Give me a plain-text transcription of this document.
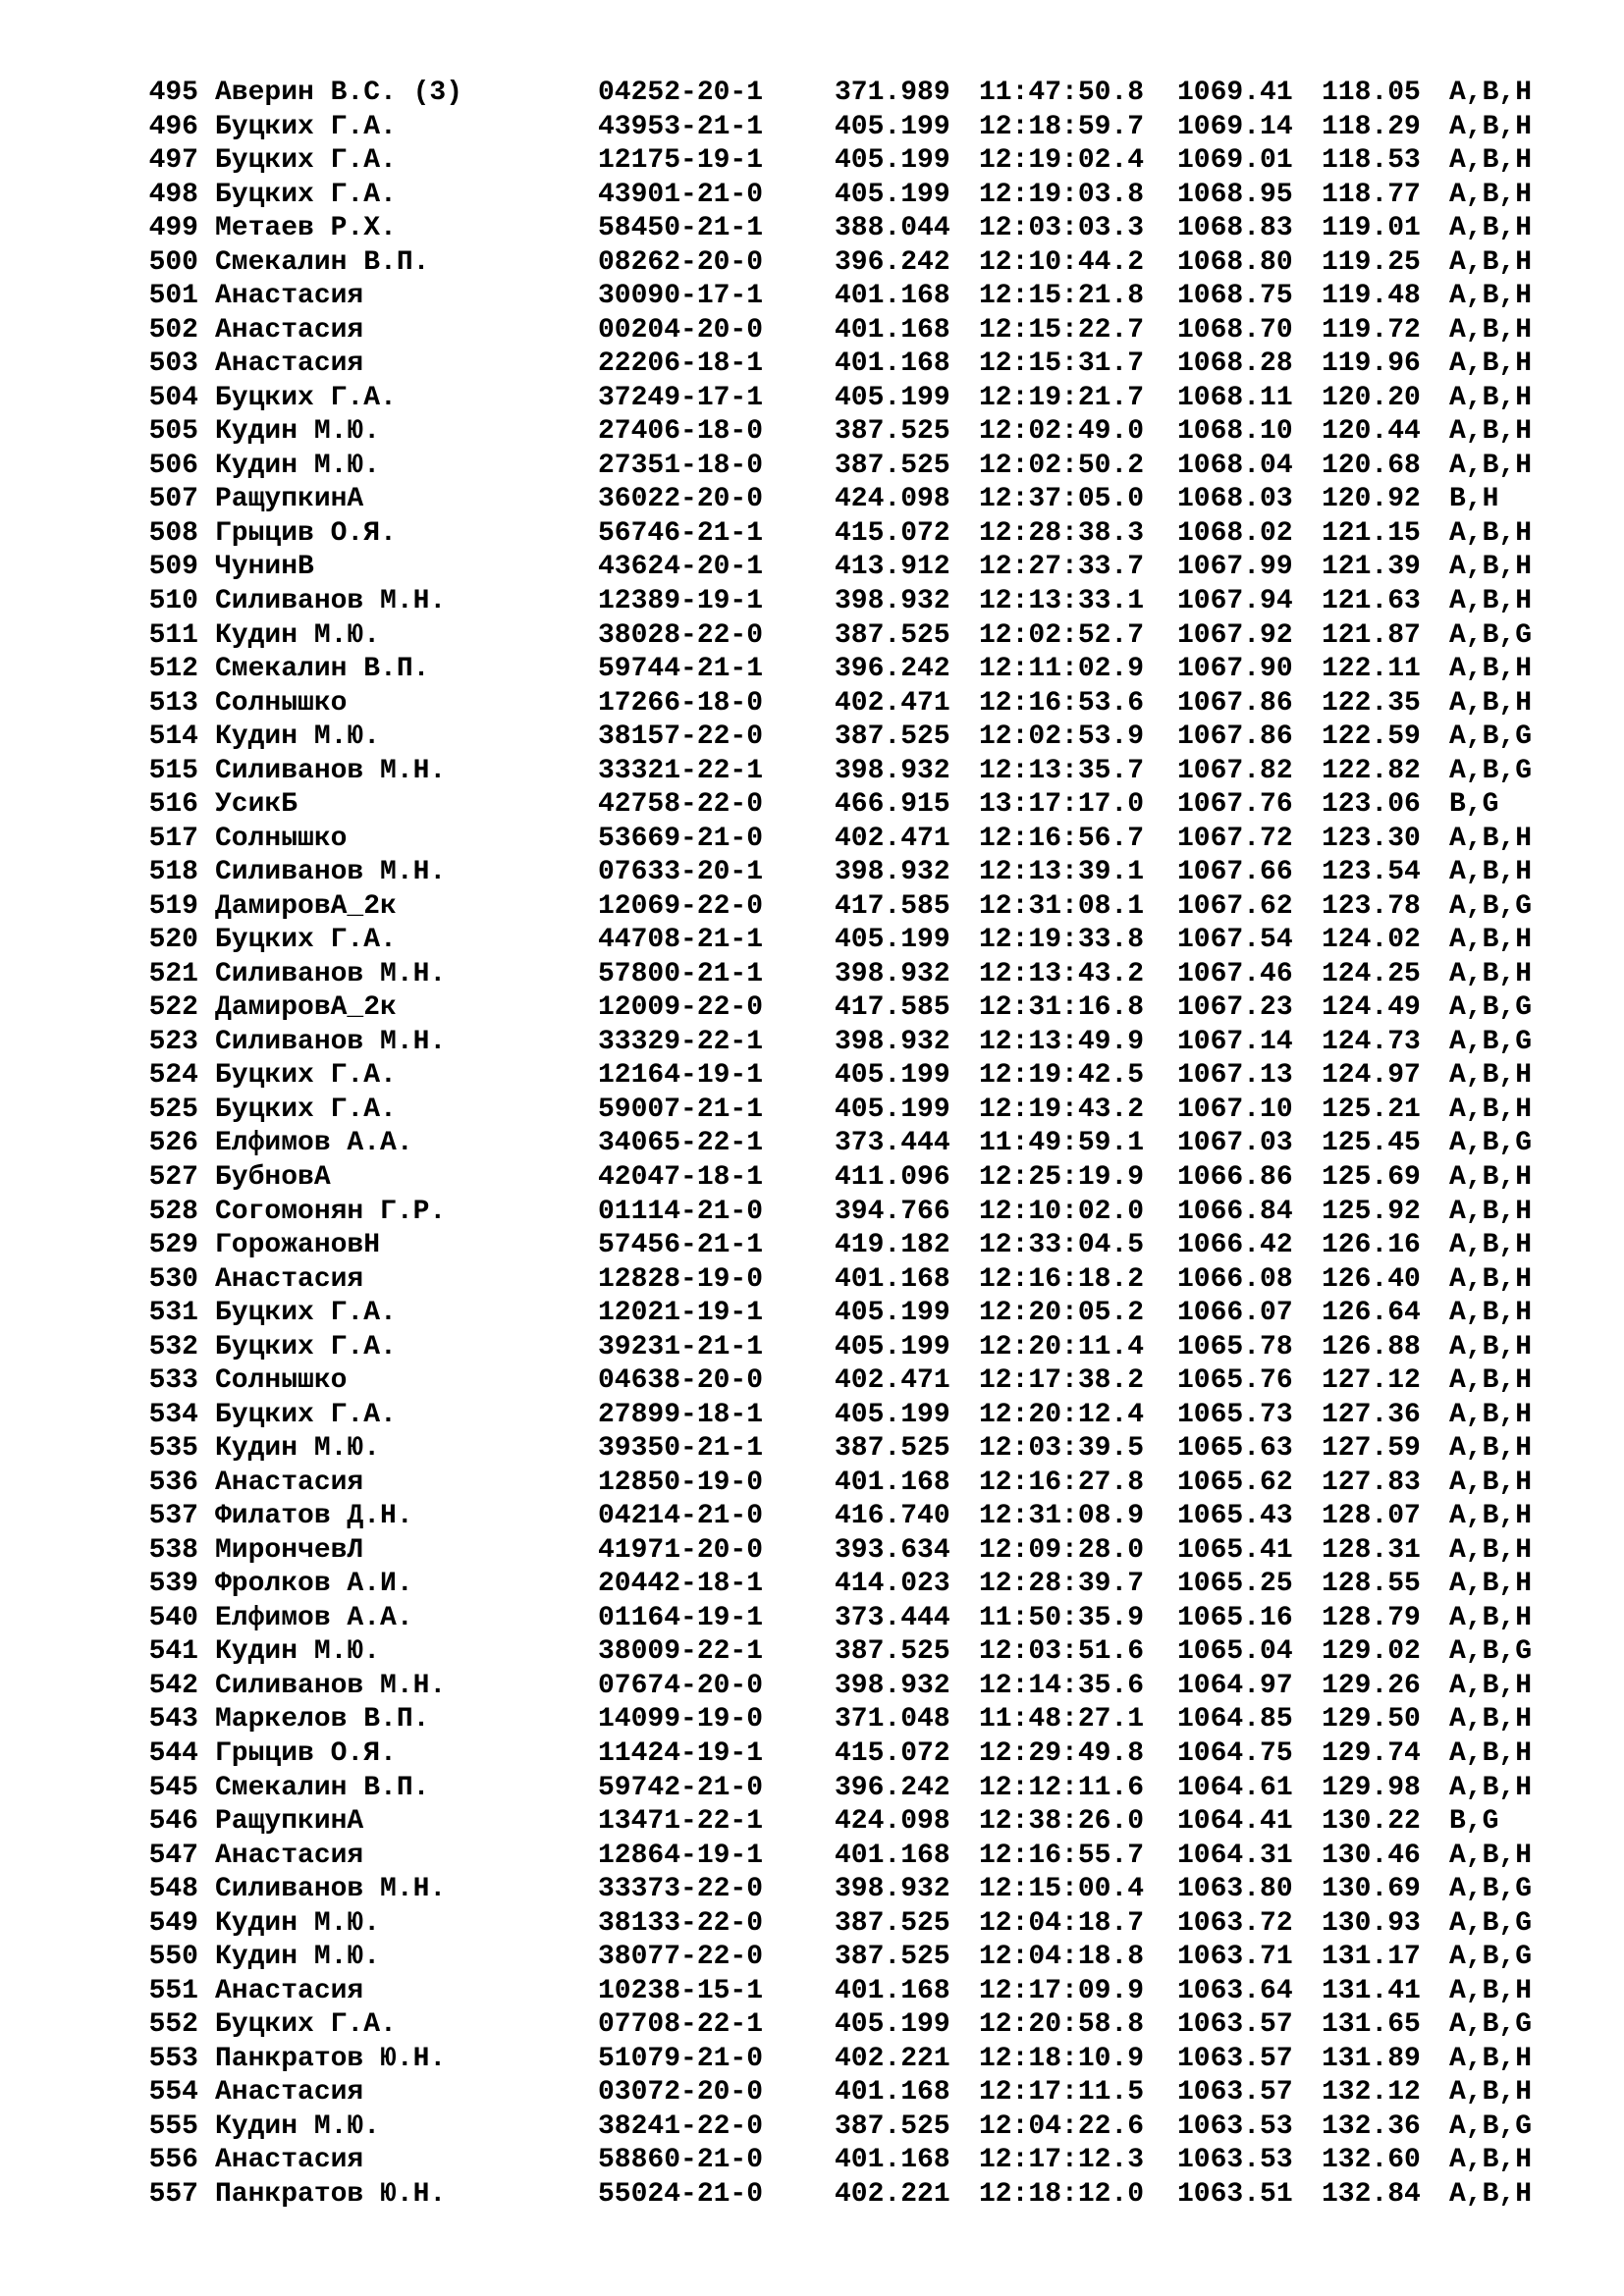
495 Аверин В.С. (3)	04252-20-1	371.989 11:47:50.8 1069.41 118.05 A,B,H
496 Буцких Г.А.	43953-21-1	405.199 12:18:59.7 1069.14 118.29 A,B,H
497 Буцких Г.А.	12175-19-1	405.199 12:19:02.4 1069.01 118.53 A,B,H
498 Буцких Г.А.	43901-21-0	405.199 12:19:03.8 1068.95 118.77 A,B,H
499 Метаев Р.Х.	58450-21-1	388.044 12:03:03.3 1068.83 119.01 A,B,H
500 Смекалин В.П.	08262-20-0	396.242 12:10:44.2 1068.80 119.25 A,B,H
501 Анастасия	30090-17-1	401.168 12:15:21.8 1068.75 119.48 A,B,H
502 Анастасия	00204-20-0	401.168 12:15:22.7 1068.70 119.72 A,B,H
503 Анастасия	22206-18-1	401.168 12:15:31.7 1068.28 119.96 A,B,H
504 Буцких Г.А.	37249-17-1	405.199 12:19:21.7 1068.11 120.20 A,B,H
505 Кудин М.Ю.	27406-18-0	387.525 12:02:49.0 1068.10 120.44 A,B,H
506 Кудин М.Ю.	27351-18-0	387.525 12:02:50.2 1068.04 120.68 A,B,H
507 РащупкинА	36022-20-0	424.098 12:37:05.0 1068.03 120.92 B,H
508 Грыцив О.Я.	56746-21-1	415.072 12:28:38.3 1068.02 121.15 A,B,H
509 ЧунинВ	43624-20-1	413.912 12:27:33.7 1067.99 121.39 A,B,H
510 Силиванов М.Н.	12389-19-1	398.932 12:13:33.1 1067.94 121.63 A,B,H
511 Кудин М.Ю.	38028-22-0	387.525 12:02:52.7 1067.92 121.87 A,B,G
512 Смекалин В.П.	59744-21-1	396.242 12:11:02.9 1067.90 122.11 A,B,H
513 Солнышко	17266-18-0	402.471 12:16:53.6 1067.86 122.35 A,B,H
514 Кудин М.Ю.	38157-22-0	387.525 12:02:53.9 1067.86 122.59 A,B,G
515 Силиванов М.Н.	33321-22-1	398.932 12:13:35.7 1067.82 122.82 A,B,G
516 УсикБ	42758-22-0	466.915 13:17:17.0 1067.76 123.06 B,G
517 Солнышко	53669-21-0	402.471 12:16:56.7 1067.72 123.30 A,B,H
518 Силиванов М.Н.	07633-20-1	398.932 12:13:39.1 1067.66 123.54 A,B,H
519 ДамировА_2к	12069-22-0	417.585 12:31:08.1 1067.62 123.78 A,B,G
520 Буцких Г.А.	44708-21-1	405.199 12:19:33.8 1067.54 124.02 A,B,H
521 Силиванов М.Н.	57800-21-1	398.932 12:13:43.2 1067.46 124.25 A,B,H
522 ДамировА_2к	12009-22-0	417.585 12:31:16.8 1067.23 124.49 A,B,G
523 Силиванов М.Н.	33329-22-1	398.932 12:13:49.9 1067.14 124.73 A,B,G
524 Буцких Г.А.	12164-19-1	405.199 12:19:42.5 1067.13 124.97 A,B,H
525 Буцких Г.А.	59007-21-1	405.199 12:19:43.2 1067.10 125.21 A,B,H
526 Елфимов А.А.	34065-22-1	373.444 11:49:59.1 1067.03 125.45 A,B,G
527 БубновА	42047-18-1	411.096 12:25:19.9 1066.86 125.69 A,B,H
528 Согомонян Г.Р.	01114-21-0	394.766 12:10:02.0 1066.84 125.92 A,B,H
529 ГорожановН	57456-21-1	419.182 12:33:04.5 1066.42 126.16 A,B,H
530 Анастасия	12828-19-0	401.168 12:16:18.2 1066.08 126.40 A,B,H
531 Буцких Г.А.	12021-19-1	405.199 12:20:05.2 1066.07 126.64 A,B,H
532 Буцких Г.А.	39231-21-1	405.199 12:20:11.4 1065.78 126.88 A,B,H
533 Солнышко	04638-20-0	402.471 12:17:38.2 1065.76 127.12 A,B,H
534 Буцких Г.А.	27899-18-1	405.199 12:20:12.4 1065.73 127.36 A,B,H
535 Кудин М.Ю.	39350-21-1	387.525 12:03:39.5 1065.63 127.59 A,B,H
536 Анастасия	12850-19-0	401.168 12:16:27.8 1065.62 127.83 A,B,H
537 Филатов Д.Н.	04214-21-0	416.740 12:31:08.9 1065.43 128.07 A,B,H
538 МирончевЛ	41971-20-0	393.634 12:09:28.0 1065.41 128.31 A,B,H
539 Фролков А.И.	20442-18-1	414.023 12:28:39.7 1065.25 128.55 A,B,H
540 Елфимов А.А.	01164-19-1	373.444 11:50:35.9 1065.16 128.79 A,B,H
541 Кудин М.Ю.	38009-22-1	387.525 12:03:51.6 1065.04 129.02 A,B,G
542 Силиванов М.Н.	07674-20-0	398.932 12:14:35.6 1064.97 129.26 A,B,H
543 Маркелов В.П.	14099-19-0	371.048 11:48:27.1 1064.85 129.50 A,B,H
544 Грыцив О.Я.	11424-19-1	415.072 12:29:49.8 1064.75 129.74 A,B,H
545 Смекалин В.П.	59742-21-0	396.242 12:12:11.6 1064.61 129.98 A,B,H
546 РащупкинА	13471-22-1	424.098 12:38:26.0 1064.41 130.22 B,G
547 Анастасия	12864-19-1	401.168 12:16:55.7 1064.31 130.46 A,B,H
548 Силиванов М.Н.	33373-22-0	398.932 12:15:00.4 1063.80 130.69 A,B,G
549 Кудин М.Ю.	38133-22-0	387.525 12:04:18.7 1063.72 130.93 A,B,G
550 Кудин М.Ю.	38077-22-0	387.525 12:04:18.8 1063.71 131.17 A,B,G
551 Анастасия	10238-15-1	401.168 12:17:09.9 1063.64 131.41 A,B,H
552 Буцких Г.А.	07708-22-1	405.199 12:20:58.8 1063.57 131.65 A,B,G
553 Панкратов Ю.Н.	51079-21-0	402.221 12:18:10.9 1063.57 131.89 A,B,H
554 Анастасия	03072-20-0	401.168 12:17:11.5 1063.57 132.12 A,B,H
555 Кудин М.Ю.	38241-22-0	387.525 12:04:22.6 1063.53 132.36 A,B,G
556 Анастасия	58860-21-0	401.168 12:17:12.3 1063.53 132.60 A,B,H
557 Панкратов Ю.Н.	55024-21-0	402.221 12:18:12.0 1063.51 132.84 A,B,H
